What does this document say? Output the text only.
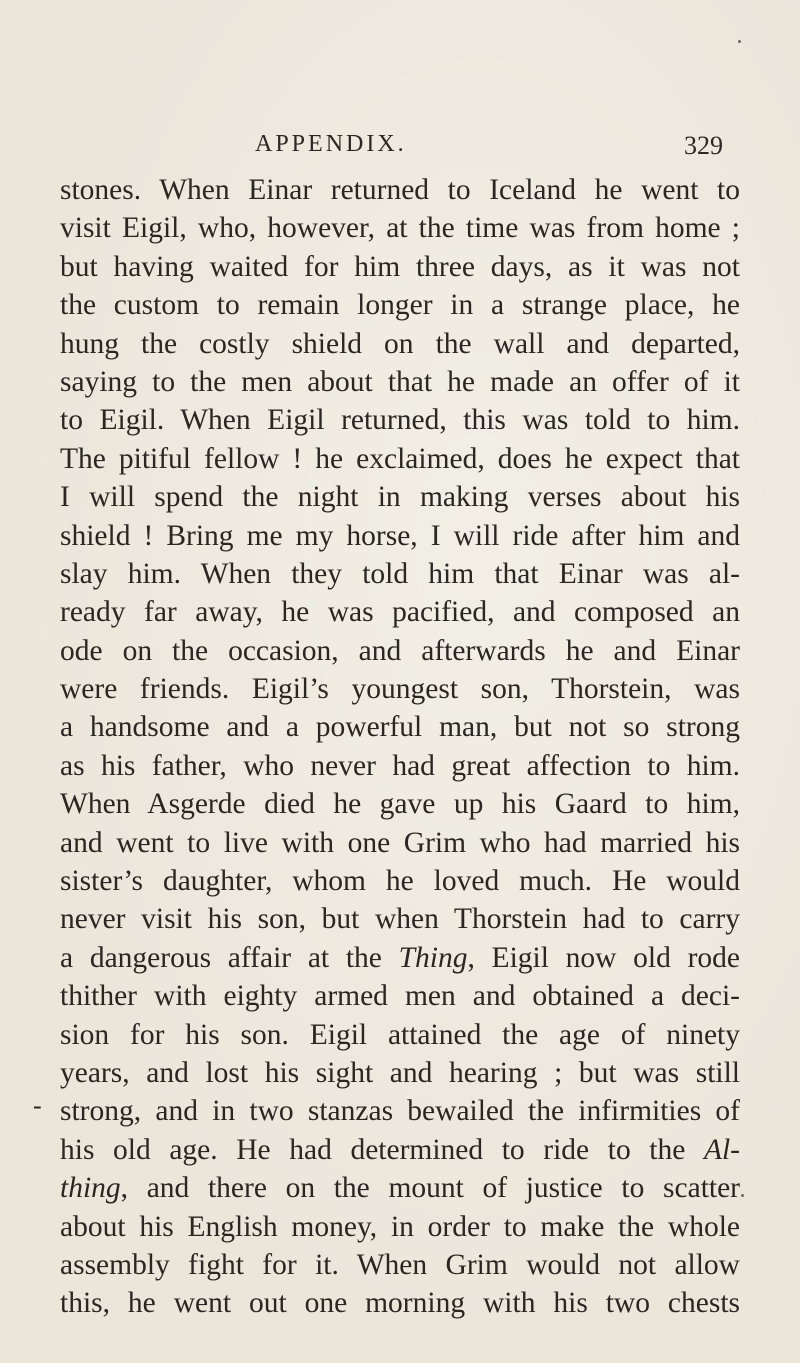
APPENDIX.	329
stones. When Einar returned to Iceland he went to
visit Eigil, who, however, at the time was from home ;
but having waited for him three days, as it was not
the custom to remain longer in a strange place, he
hung the costly shield on the wall and departed,
saying to the men about that he made an offer of it
to Eigil. When Eigil returned, this was told to him.
The pitiful fellow ! he exclaimed, does he expect that
I will spend the night in making verses about his
shield ! Bring me my horse, I will ride after him and
slay him. When they told him that Einar was al-
ready far away, he was pacified, and composed an
ode on the occasion, and afterwards he and Einar
were friends. Eigil’s youngest son, Thorstein, was
a handsome and a powerful man, but not so strong
as his father, who never had great affection to him.
When Asgerde died he gave up his Gaard to him,
and went to live with one Grim who had married his
sister’s daughter, whom he loved much. He would
never visit his son, but when Thorstein had to carry
a dangerous affair at the Thing, Eigil now old rode
thither with eighty armed men and obtained a deci-
sion for his son. Eigil attained the age of ninety
years, and lost his sight and hearing ; but was still
strong, and in two stanzas bewailed the infirmities of
his old age. He had determined to ride to the Al-
thing, and there on the mount of justice to scatter
about his English money, in order to make the whole
assembly fight for it. When Grim would not allow
this, he went out one morning with his two chests
-
